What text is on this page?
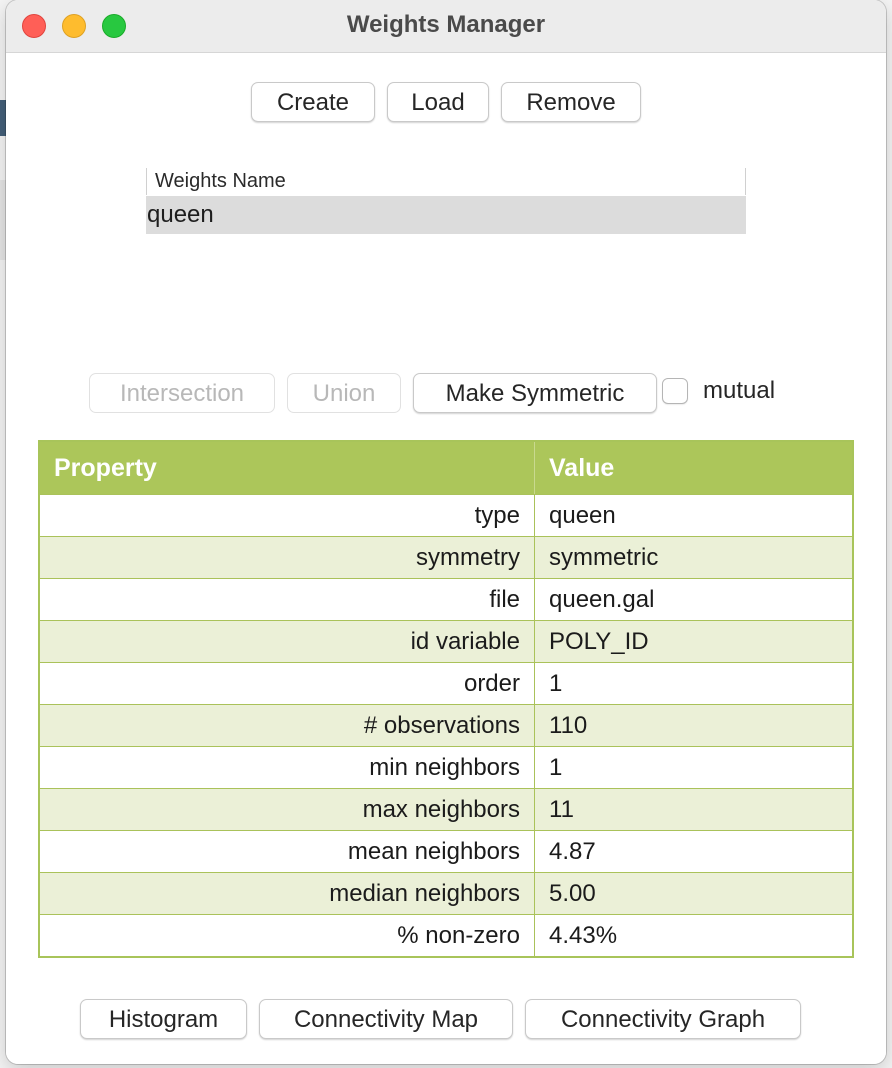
Weights Manager
Create	Load	Remove
Weights Name
queen
Intersection	Union	Make Symmetric	mutual
Property	Value
type	queen
symmetry	symmetric
file	queen.gal
id variable	POLY_ID
order	1
# observations	110
min neighbors	1
max neighbors	11
mean neighbors	4.87
median neighbors	5.00
% non-zero	4.43%
Histogram	Connectivity Map	Connectivity Graph
